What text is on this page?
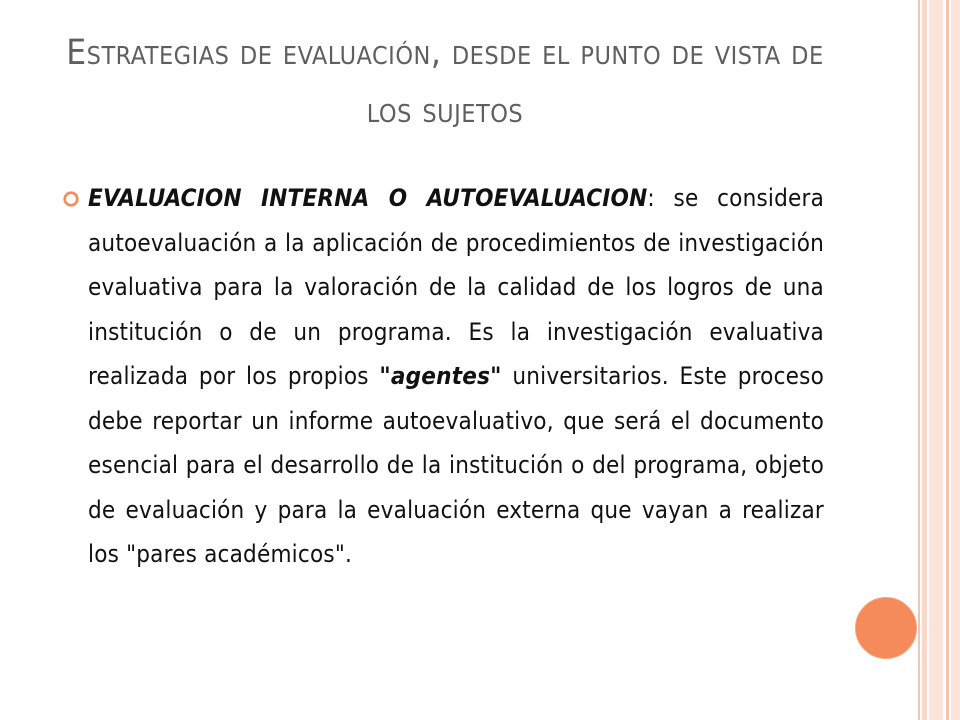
Estrategias de evaluación, desde el punto de vista de los sujetos
EVALUACION INTERNA O AUTOEVALUACION: se considera autoevaluación a la aplicación de procedimientos de investigación evaluativa para la valoración de la calidad de los logros de una institución o de un programa. Es la investigación evaluativa realizada por los propios "agentes" universitarios. Este proceso debe reportar un informe autoevaluativo, que será el documento esencial para el desarrollo de la institución o del programa, objeto de evaluación y para la evaluación externa que vayan a realizar los "pares académicos".
